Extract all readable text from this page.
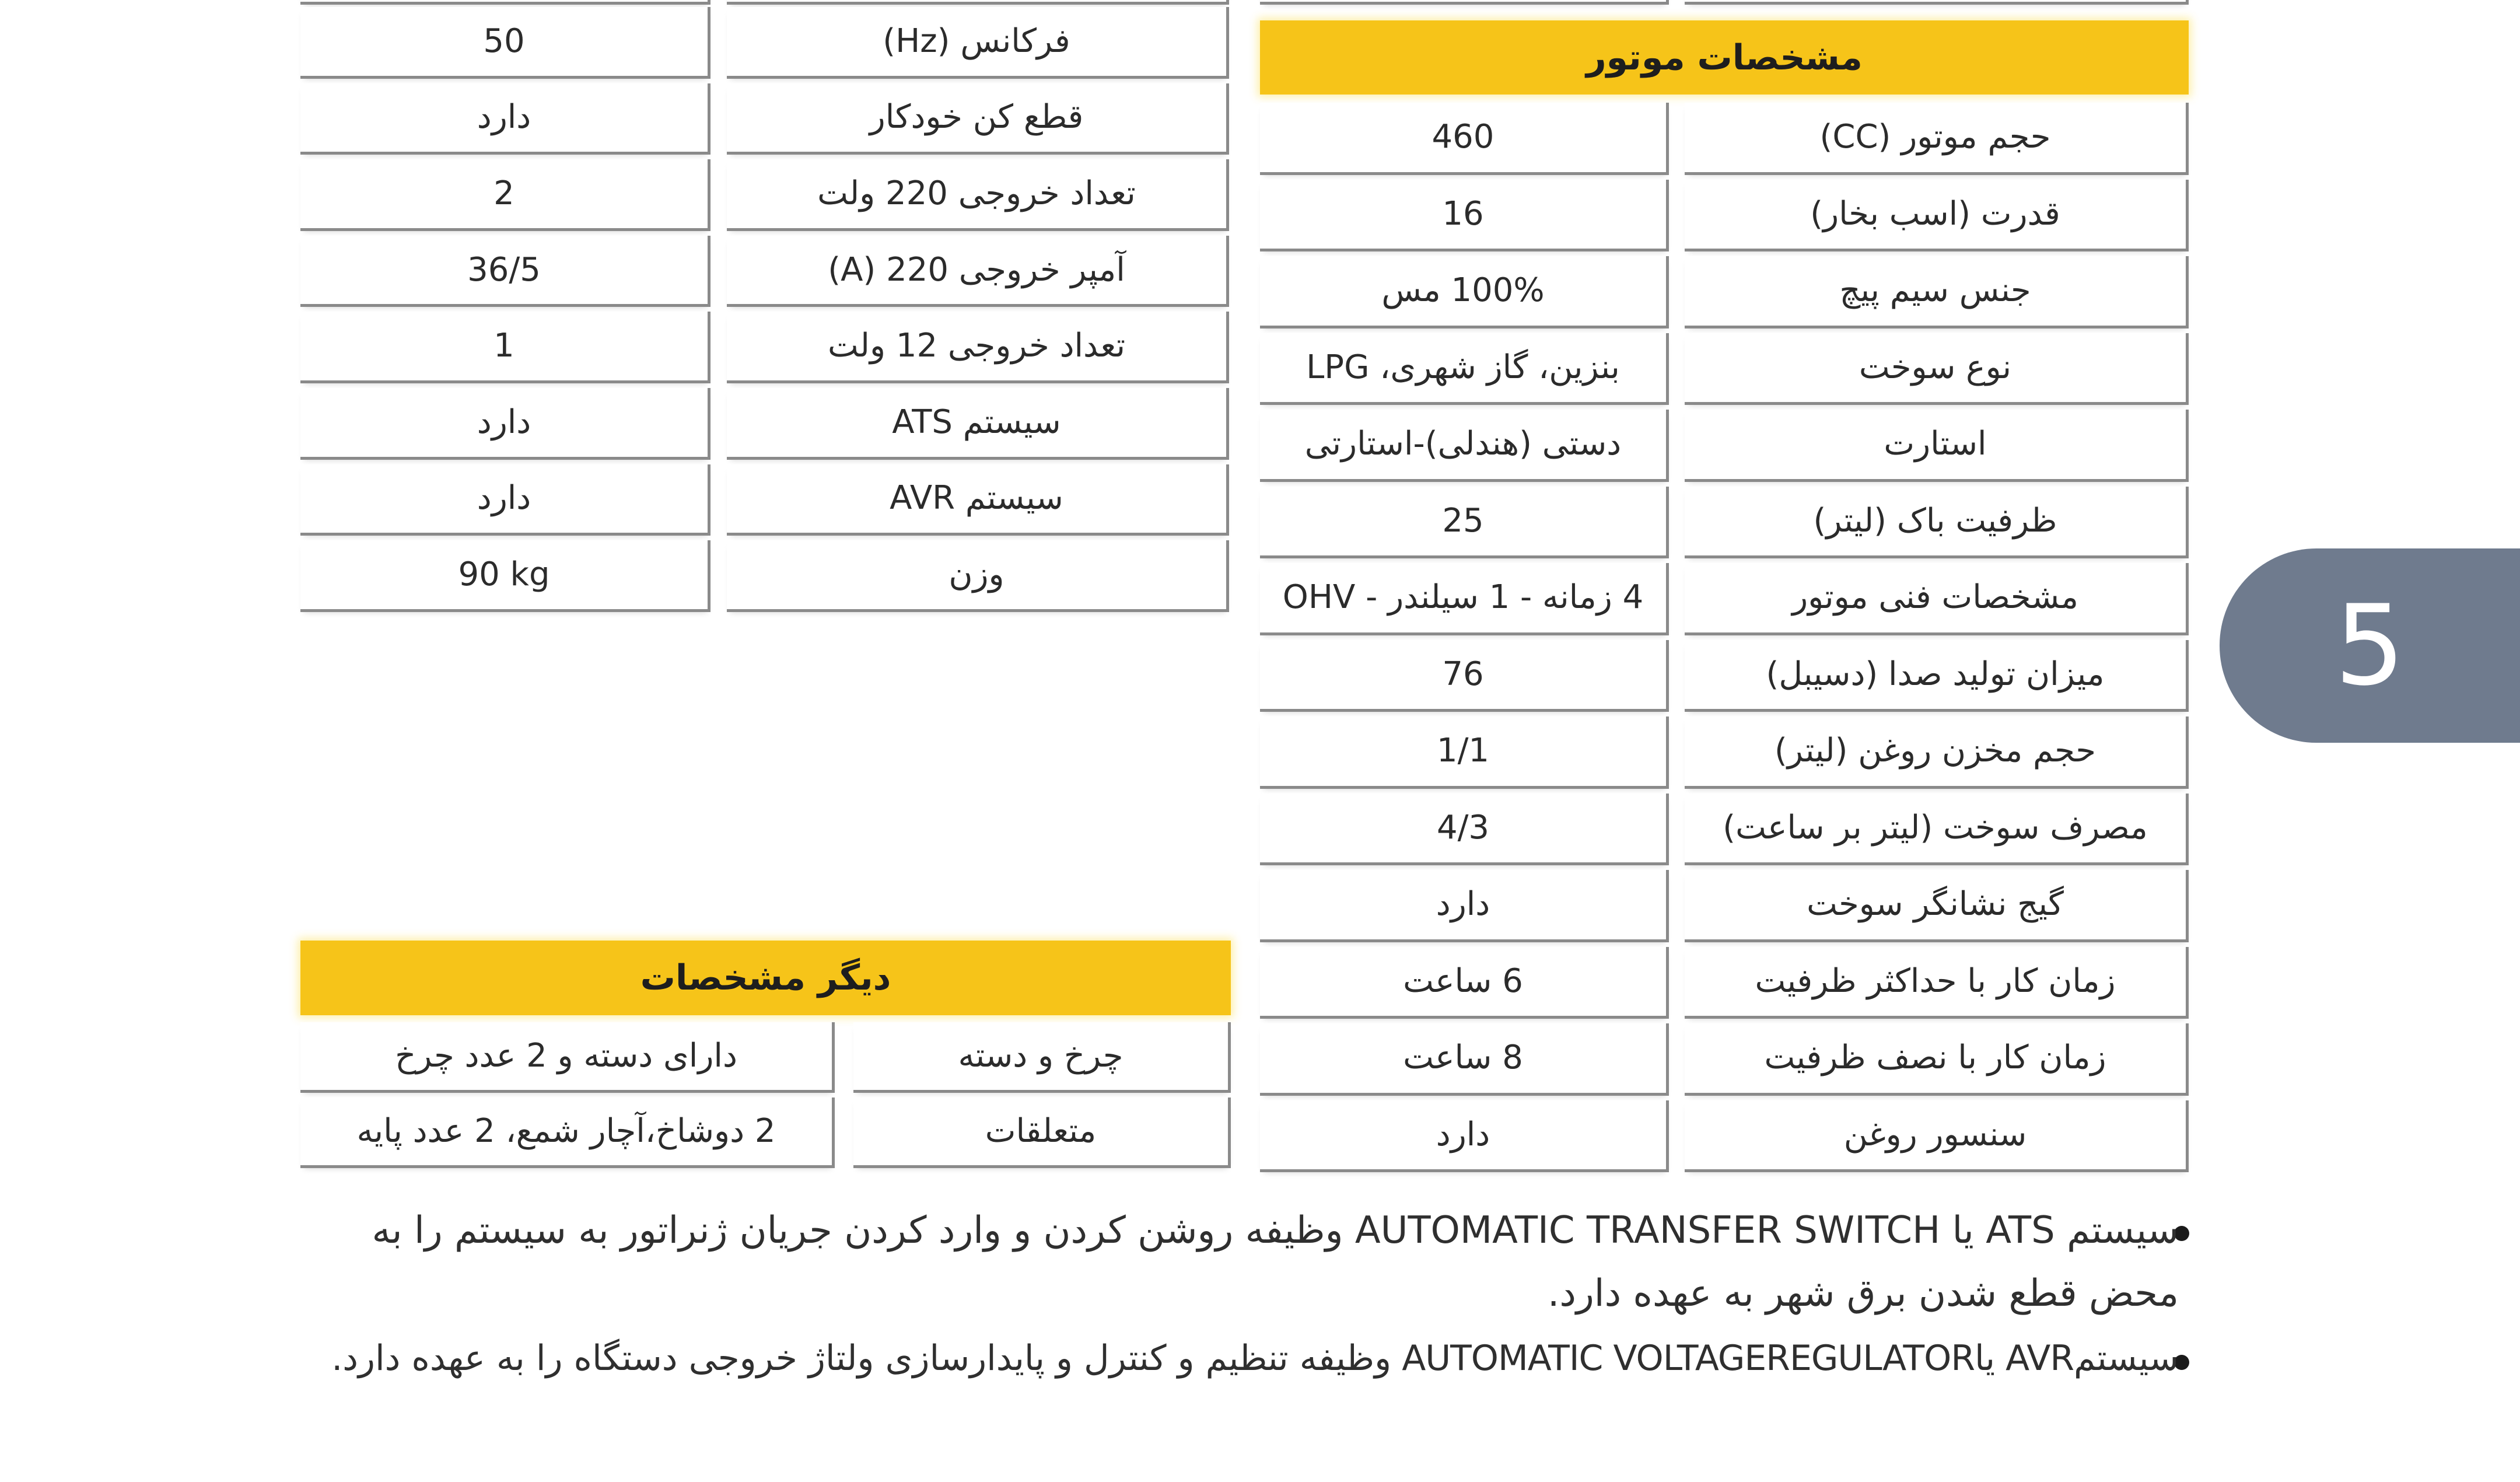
50	فرکانس (Hz)
دارد	قطع کن خودکار
2	تعداد خروجی 220 ولت
36/5	آمپر خروجی 220 (A)
1	تعداد خروجی 12 ولت
دارد	سیستم ATS
دارد	سیستم AVR
90 kg	وزن
مشخصات موتور
460	حجم موتور (CC)
16	قدرت (اسب بخار)
100% مس	جنس سیم پیچ
بنزین، گاز شهری، LPG	نوع سوخت
دستی (هندلی)-استارتی	استارت
25	ظرفیت باک (لیتر)
4 زمانه - 1 سیلندر - OHV	مشخصات فنی موتور
76	میزان تولید صدا (دسیبل)
1/1	حجم مخزن روغن (لیتر)
4/3	مصرف سوخت (لیتر بر ساعت)
دارد	گیج نشانگر سوخت
6 ساعت	زمان کار با حداکثر ظرفیت
8 ساعت	زمان کار با نصف ظرفیت
دارد	سنسور روغن
دیگر مشخصات
دارای دسته و 2 عدد چرخ	چرخ و دسته
2 دوشاخ،آچار شمع، 2 عدد پایه	متعلقات
سیستم ATS یا AUTOMATIC TRANSFER SWITCH وظیفه روشن کردن و وارد کردن جریان ژنراتور به سیستم را به
محض قطع شدن برق شهر به عهده دارد.
سیستمAVR یاAUTOMATIC VOLTAGEREGULATOR وظیفه تنظیم و کنترل و پایدارسازی ولتاژ خروجی دستگاه را به عهده دارد.
5
